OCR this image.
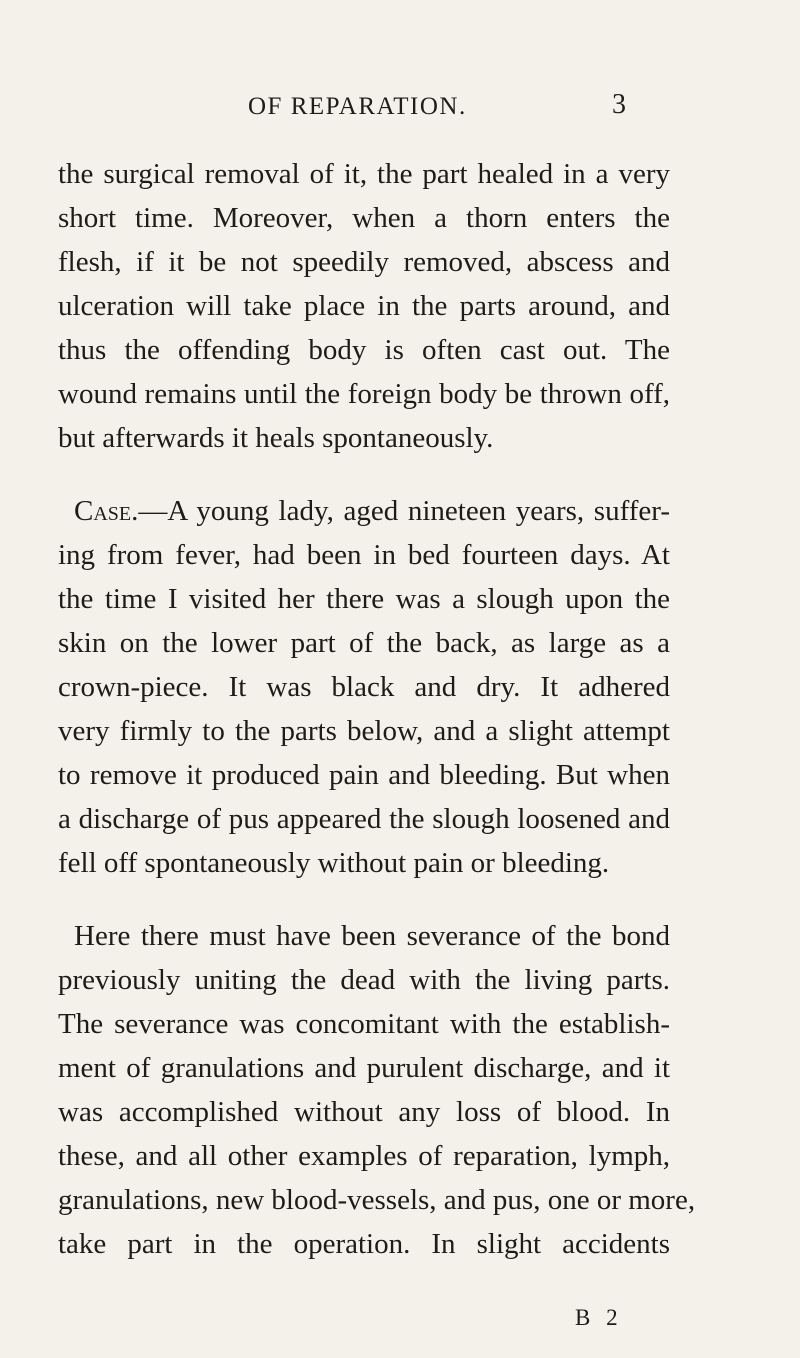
OF REPARATION.	3

the surgical removal of it, the part healed in a very
short time. Moreover, when a thorn enters the
flesh, if it be not speedily removed, abscess and
ulceration will take place in the parts around, and
thus the offending body is often cast out. The
wound remains until the foreign body be thrown off,
but afterwards it heals spontaneously.

Case.—A young lady, aged nineteen years, suffer-
ing from fever, had been in bed fourteen days. At
the time I visited her there was a slough upon the
skin on the lower part of the back, as large as a
crown-piece. It was black and dry. It adhered
very firmly to the parts below, and a slight attempt
to remove it produced pain and bleeding. But when
a discharge of pus appeared the slough loosened and
fell off spontaneously without pain or bleeding.

Here there must have been severance of the bond
previously uniting the dead with the living parts.
The severance was concomitant with the establish-
ment of granulations and purulent discharge, and it
was accomplished without any loss of blood. In
these, and all other examples of reparation, lymph,
granulations, new blood-vessels, and pus, one or more,
take part in the operation. In slight accidents

B 2
